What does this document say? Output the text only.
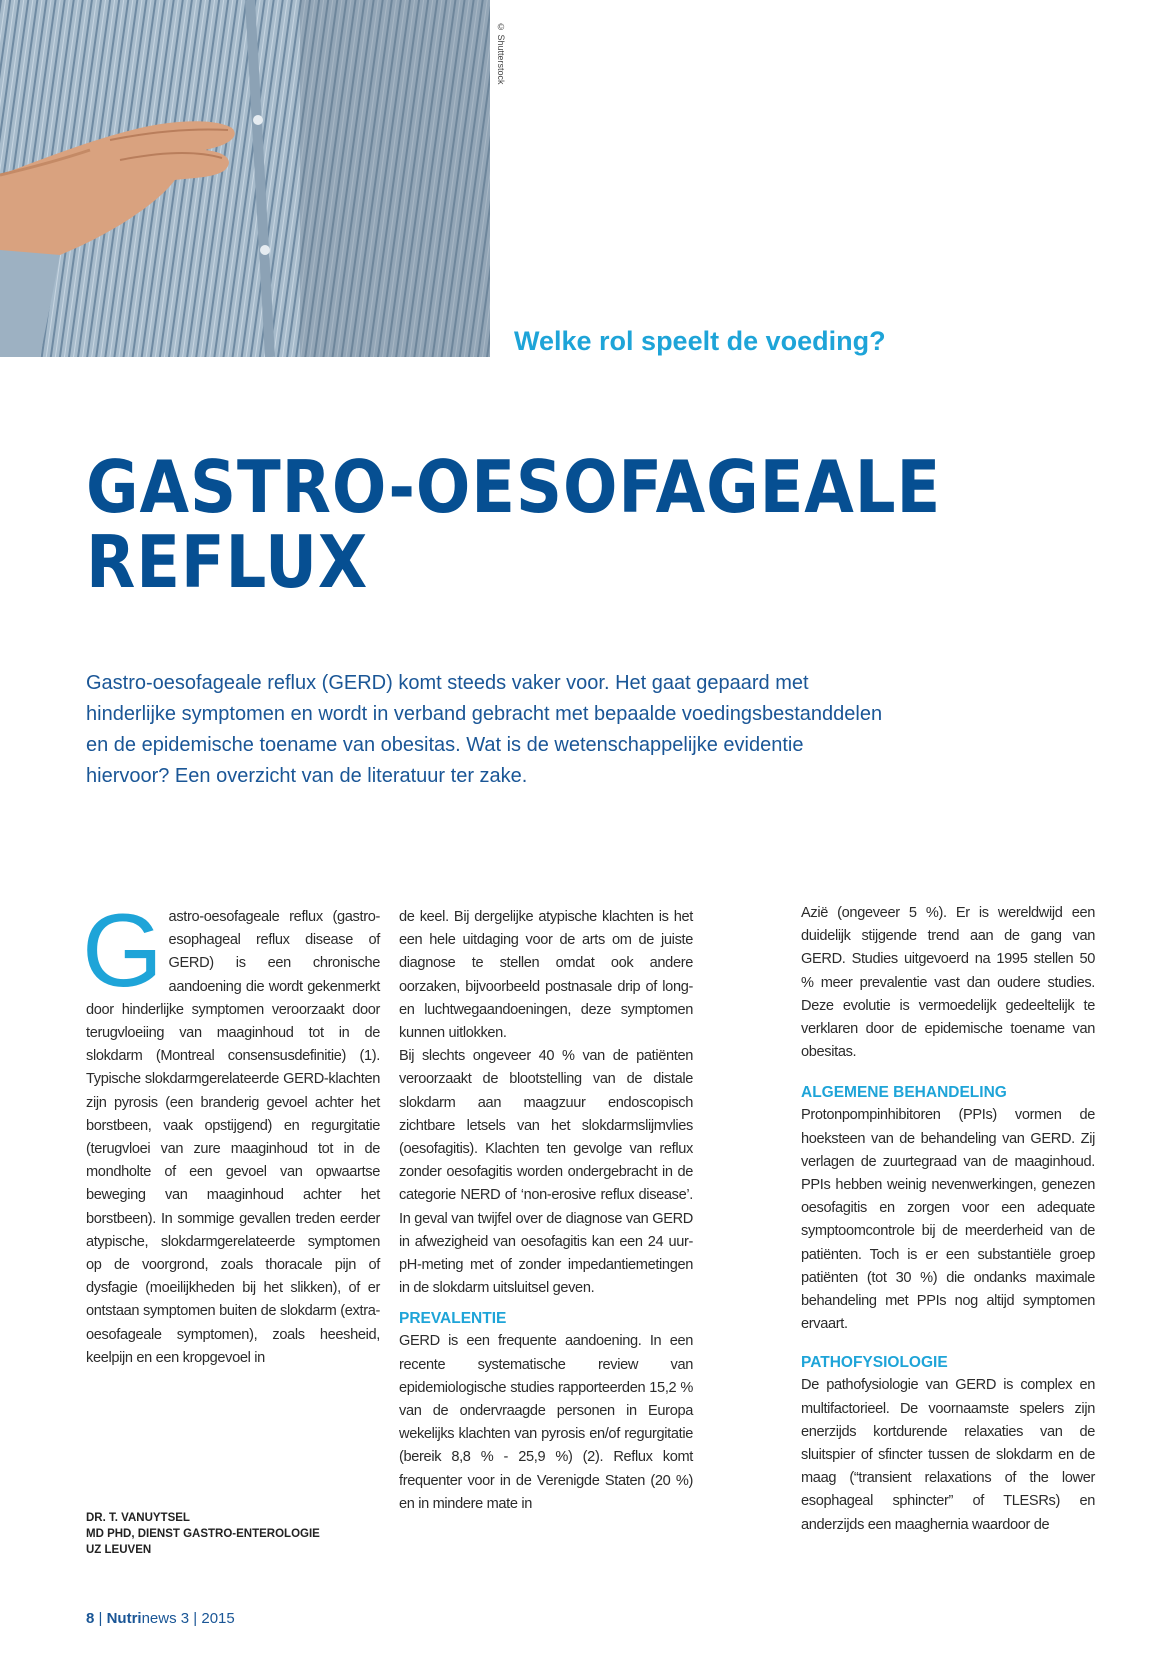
© Shutterstock
Welke rol speelt de voeding?
GASTRO-OESOFAGEALE
REFLUX

Gastro-oesofageale reflux (GERD) komt steeds vaker voor. Het gaat gepaard met hinderlijke symptomen en wordt in verband gebracht met bepaalde voedingsbestanddelen en de epidemische toename van obesitas. Wat is de wetenschappelijke evidentie hiervoor? Een overzicht van de literatuur ter zake.

G astro-oesofageale reflux (gastro-esophageal reflux disease of GERD) is een chronische aandoening die wordt gekenmerkt door hinderlijke symptomen veroorzaakt door terugvloeiing van maaginhoud tot in de slokdarm (Montreal consensusdefinitie) (1). Typische slokdarmgerelateerde GERD-klachten zijn pyrosis (een branderig gevoel achter het borstbeen, vaak opstijgend) en regurgitatie (terugvloei van zure maaginhoud tot in de mondholte of een gevoel van opwaartse beweging van maaginhoud achter het borstbeen). In sommige gevallen treden eerder atypische, slokdarmgerelateerde symptomen op de voorgrond, zoals thoracale pijn of dysfagie (moeilijkheden bij het slikken), of er ontstaan symptomen buiten de slokdarm (extra-oesofageale symptomen), zoals heesheid, keelpijn en een kropgevoel in

de keel. Bij dergelijke atypische klachten is het een hele uitdaging voor de arts om de juiste diagnose te stellen omdat ook andere oorzaken, bijvoorbeeld postnasale drip of long- en luchtwegaandoeningen, deze symptomen kunnen uitlokken.

Bij slechts ongeveer 40 % van de patiënten veroorzaakt de blootstelling van de distale slokdarm aan maagzuur endoscopisch zichtbare letsels van het slokdarmslijmvlies (oesofagitis). Klachten ten gevolge van reflux zonder oesofagitis worden ondergebracht in de categorie NERD of ‘non-erosive reflux disease’. In geval van twijfel over de diagnose van GERD in afwezigheid van oesofagitis kan een 24 uur-pH-meting met of zonder impedantiemetingen in de slokdarm uitsluitsel geven.

PREVALENTIE

GERD is een frequente aandoening. In een recente systematische review van epidemiologische studies rapporteerden 15,2 % van de ondervraagde personen in Europa wekelijks klachten van pyrosis en/of regurgitatie (bereik 8,8 % - 25,9 %) (2). Reflux komt frequenter voor in de Verenigde Staten (20 %) en in mindere mate in

Azië (ongeveer 5 %). Er is wereldwijd een duidelijk stijgende trend aan de gang van GERD. Studies uitgevoerd na 1995 stellen 50 % meer prevalentie vast dan oudere studies. Deze evolutie is vermoedelijk gedeeltelijk te verklaren door de epidemische toename van obesitas.

ALGEMENE BEHANDELING

Protonpompinhibitoren (PPIs) vormen de hoeksteen van de behandeling van GERD. Zij verlagen de zuurtegraad van de maaginhoud. PPIs hebben weinig nevenwerkingen, genezen oesofagitis en zorgen voor een adequate symptoomcontrole bij de meerderheid van de patiënten. Toch is er een substantiële groep patiënten (tot 30 %) die ondanks maximale behandeling met PPIs nog altijd symptomen ervaart.

PATHOFYSIOLOGIE

De pathofysiologie van GERD is complex en multifactorieel. De voornaamste spelers zijn enerzijds kortdurende relaxaties van de sluitspier of sfincter tussen de slokdarm en de maag (“transient relaxations of the lower esophageal sphincter” of TLESRs) en anderzijds een maaghernia waardoor de

DR. T. VANUYTSEL
MD PHD, DIENST GASTRO-ENTEROLOGIE
UZ LEUVEN
8 | Nutrinews 3 | 2015
